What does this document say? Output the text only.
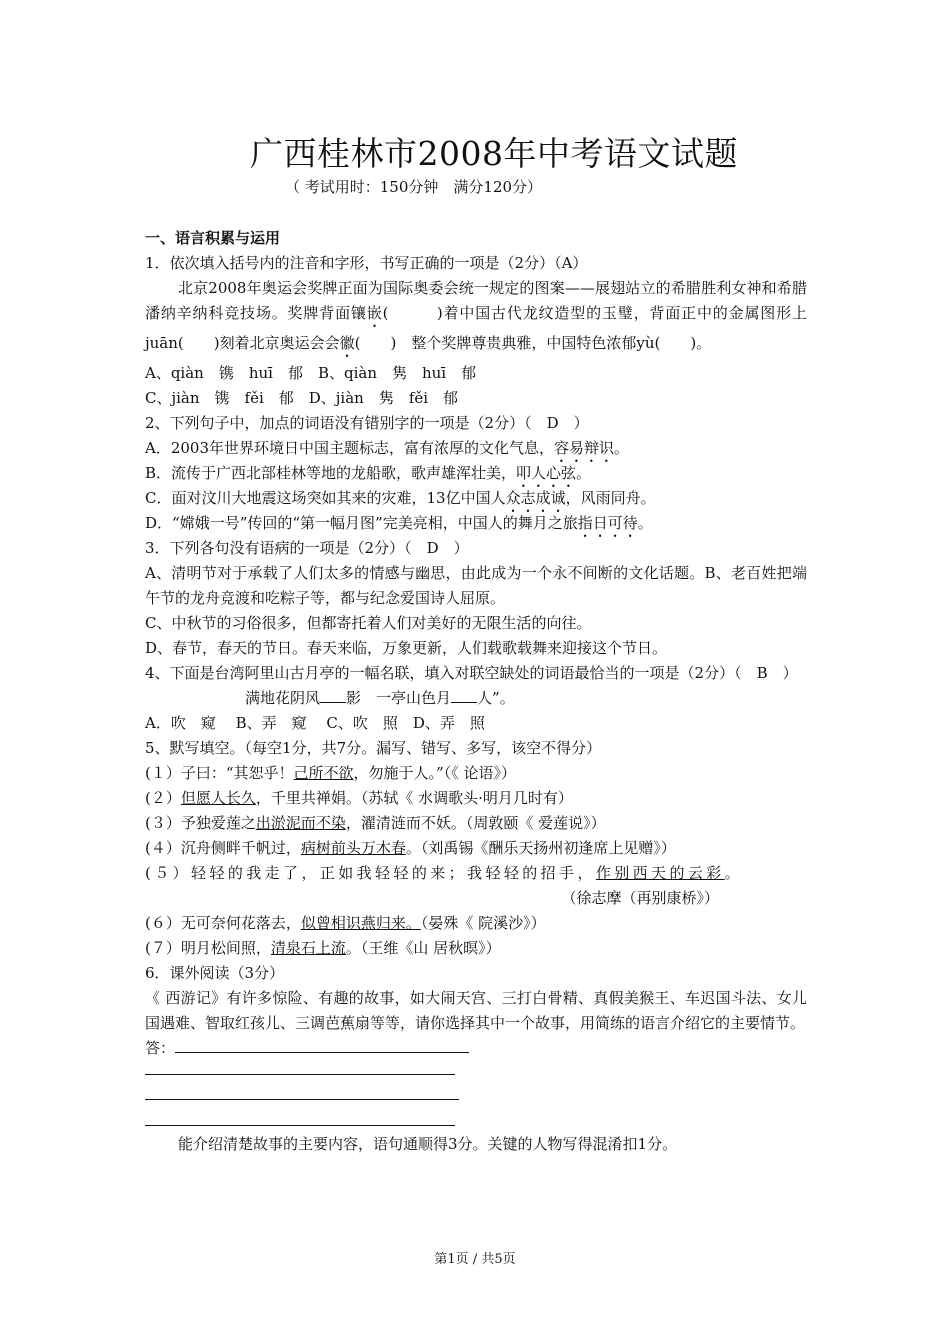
广西桂林市2008年中考语文试题
（ 考试用时：150分钟　满分120分）
一、语言积累与运用
1．依次填入括号内的注音和字形，书写正确的一项是（2分）（A）
北京2008年奥运会奖牌正面为国际奥委会统一规定的图案——展翅站立的希腊胜利女神和希腊潘纳辛纳科竞技场。奖牌背面镶嵌(　　　)着中国古代龙纹造型的玉璧，背面正中的金属图形上juān(　　)刻着北京奥运会会徽(　　)　整个奖牌尊贵典雅，中国特色浓郁yù(　　)。
A、qiàn　镌　huī　郁　B、qiàn　隽　huī　郁
C、jiàn　镌　fěi　郁　D、jiàn　隽　fěi　郁
2、下列句子中，加点的词语没有错别字的一项是（2分）（　D　）
A．2003年世界环境日中国主题标志，富有浓厚的文化气息，容易辩识。
B．流传于广西北部桂林等地的龙船歌，歌声雄浑壮美，叩人心弦。
C．面对汶川大地震这场突如其来的灾难，13亿中国人众志成诚，风雨同舟。
D．“嫦娥一号”传回的“第一幅月图”完美亮相，中国人的舞月之旅指日可待。
3．下列各句没有语病的一项是（2分）（　D　）
A、清明节对于承载了人们太多的情感与幽思，由此成为一个永不间断的文化话题。B、老百姓把端午节的龙舟竞渡和吃粽子等，都与纪念爱国诗人屈原。
C、中秋节的习俗很多，但都寄托着人们对美好的无限生活的向往。
D、春节，春天的节日。春天来临，万象更新，人们载歌载舞来迎接这个节日。
4、下面是台湾阿里山古月亭的一幅名联，填入对联空缺处的词语最恰当的一项是（2分）（　B　）
满地花阴风 影　一亭山色月 人”。
A．吹　窥　 B、弄　窥　 C、吹　照　D、弄　照
5、默写填空。（每空1分，共7分。漏写、错写、多写，该空不得分）
(１）子曰：“其恕乎！己所不欲，勿施于人。”（《 论语》）
(２）但愿人长久，千里共禅娟。（苏轼《 水调歌头·明月几时有）
(３）予独爱莲之出淤泥而不染，濯清涟而不妖。（周敦颐《 爱莲说》）
(４）沉舟侧畔千帆过，病树前头万木春。（刘禹锡《酬乐天扬州初逢席上见赠》）
(５）轻轻的我走了，正如我轻轻的来；我轻轻的招手，作别西天的云彩。
（徐志摩（再别康桥》）
(６）无可奈何花落去，似曾相识燕归来。（晏殊《 院溪沙》）
(７）明月松间照，清泉石上流。（王维《山 居秋暝》）
6．课外阅读（3分）
《 西游记》有许多惊险、有趣的故事，如大闹天宫、三打白骨精、真假美猴王、车迟国斗法、女儿国遇难、智取红孩儿、三调芭蕉扇等等，请你选择其中一个故事，用简练的语言介绍它的主要情节。
答：
能介绍清楚故事的主要内容，语句通顺得3分。关键的人物写得混淆扣1分。
第1页 / 共5页
